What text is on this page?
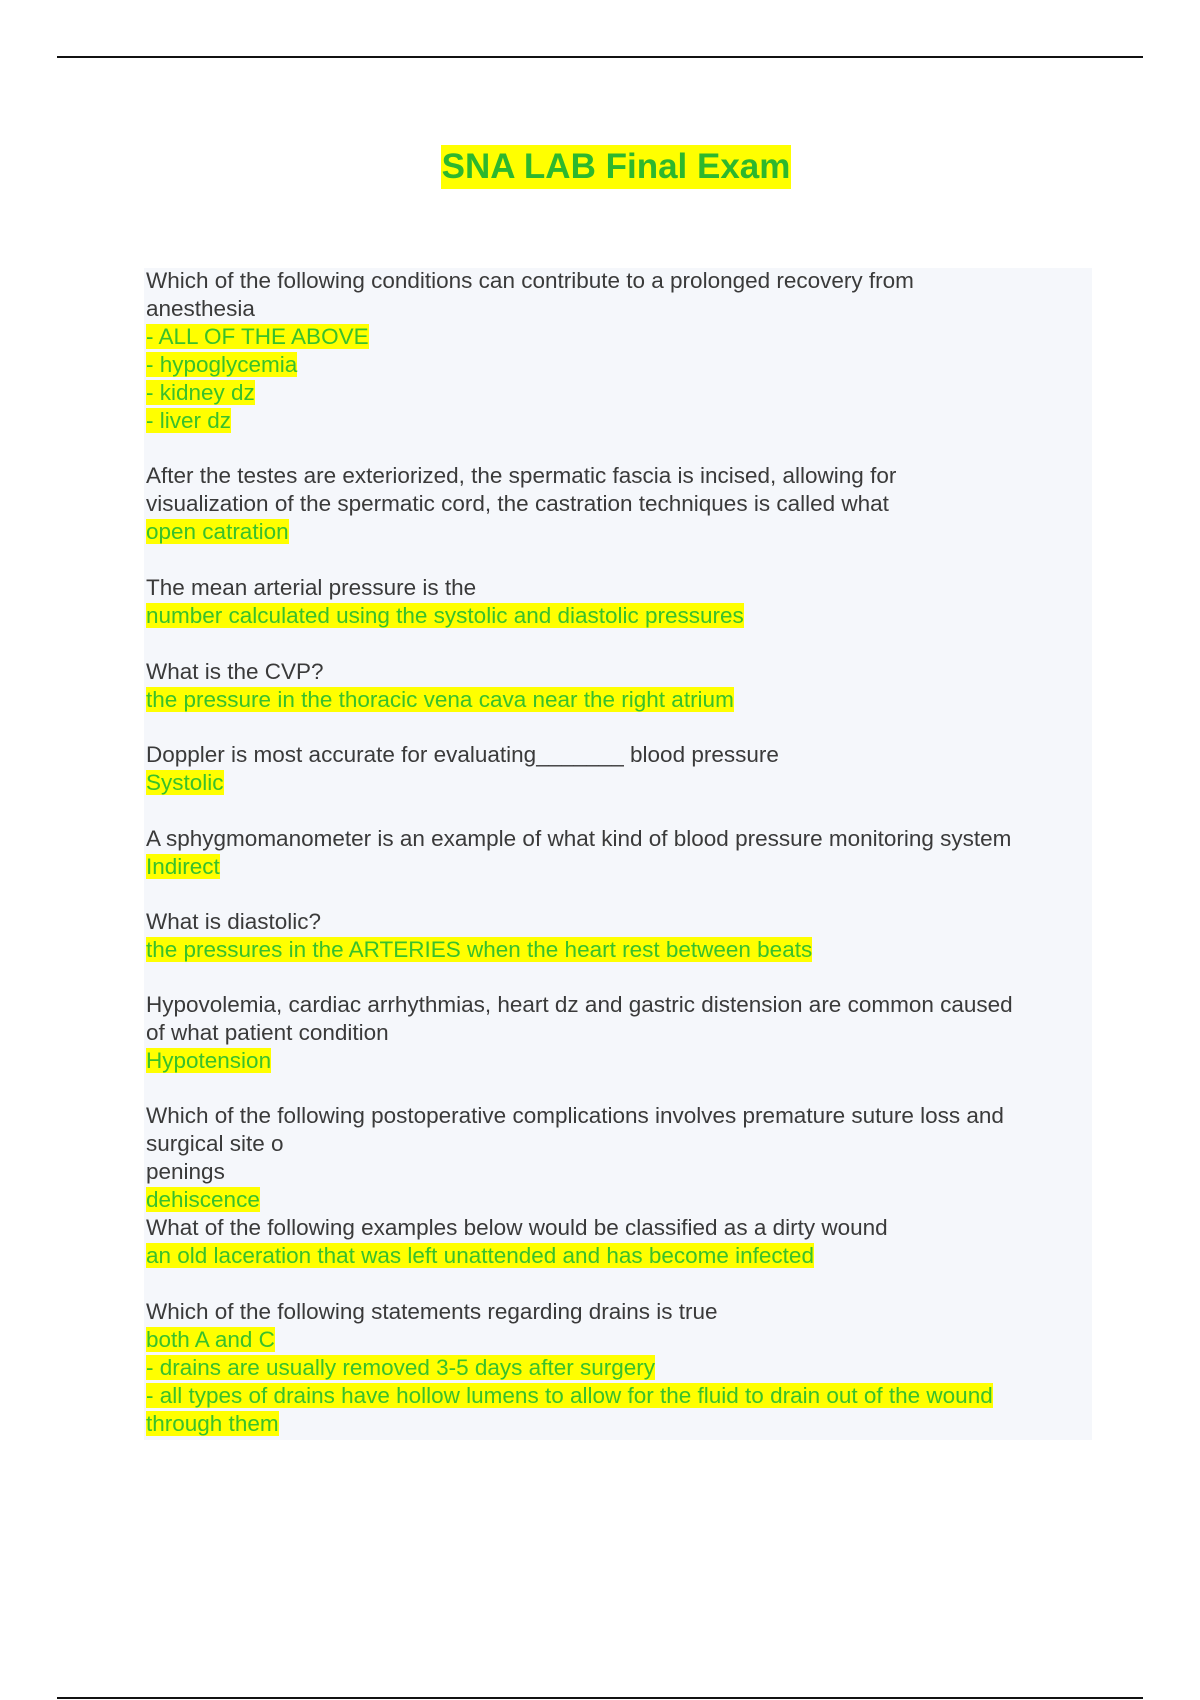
SNA LAB Final Exam
Which of the following conditions can contribute to a prolonged recovery from
anesthesia
- ALL OF THE ABOVE
- hypoglycemia
- kidney dz
- liver dz
After the testes are exteriorized, the spermatic fascia is incised, allowing for
visualization of the spermatic cord, the castration techniques is called what
open catration
The mean arterial pressure is the
number calculated using the systolic and diastolic pressures
What is the CVP?
the pressure in the thoracic vena cava near the right atrium
Doppler is most accurate for evaluating_______ blood pressure
Systolic
A sphygmomanometer is an example of what kind of blood pressure monitoring system
Indirect
What is diastolic?
the pressures in the ARTERIES when the heart rest between beats
Hypovolemia, cardiac arrhythmias, heart dz and gastric distension are common caused
of what patient condition
Hypotension
Which of the following postoperative complications involves premature suture loss and
surgical site o
penings
dehiscence
What of the following examples below would be classified as a dirty wound
an old laceration that was left unattended and has become infected
Which of the following statements regarding drains is true
both A and C
- drains are usually removed 3-5 days after surgery
- all types of drains have hollow lumens to allow for the fluid to drain out of the wound
through them
